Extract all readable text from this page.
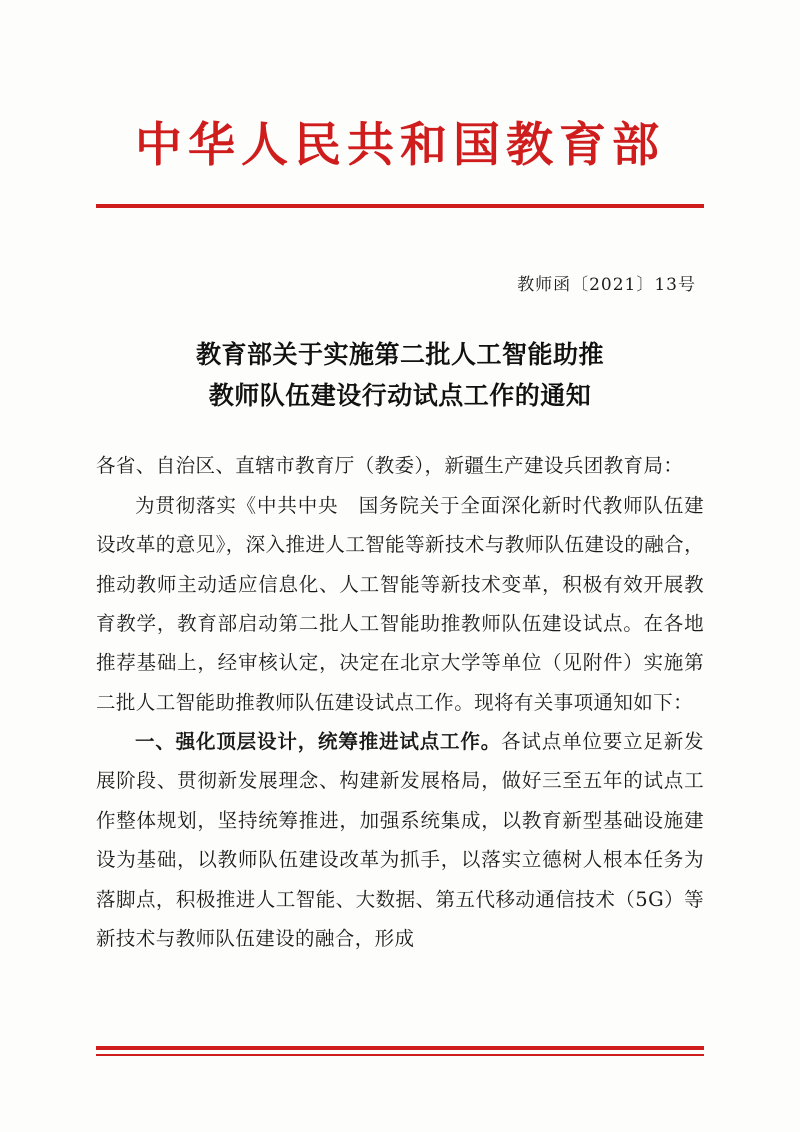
中华人民共和国教育部
教师函〔2021〕13号
教育部关于实施第二批人工智能助推
教师队伍建设行动试点工作的通知

各省、自治区、直辖市教育厅（教委），新疆生产建设兵团教育局：

为贯彻落实《中共中央　国务院关于全面深化新时代教师队伍建设改革的意见》，深入推进人工智能等新技术与教师队伍建设的融合，推动教师主动适应信息化、人工智能等新技术变革，积极有效开展教育教学，教育部启动第二批人工智能助推教师队伍建设试点。在各地推荐基础上，经审核认定，决定在北京大学等单位（见附件）实施第二批人工智能助推教师队伍建设试点工作。现将有关事项通知如下：

一、强化顶层设计，统筹推进试点工作。各试点单位要立足新发展阶段、贯彻新发展理念、构建新发展格局，做好三至五年的试点工作整体规划，坚持统筹推进，加强系统集成，以教育新型基础设施建设为基础，以教师队伍建设改革为抓手，以落实立德树人根本任务为落脚点，积极推进人工智能、大数据、第五代移动通信技术（5G）等新技术与教师队伍建设的融合，形成
